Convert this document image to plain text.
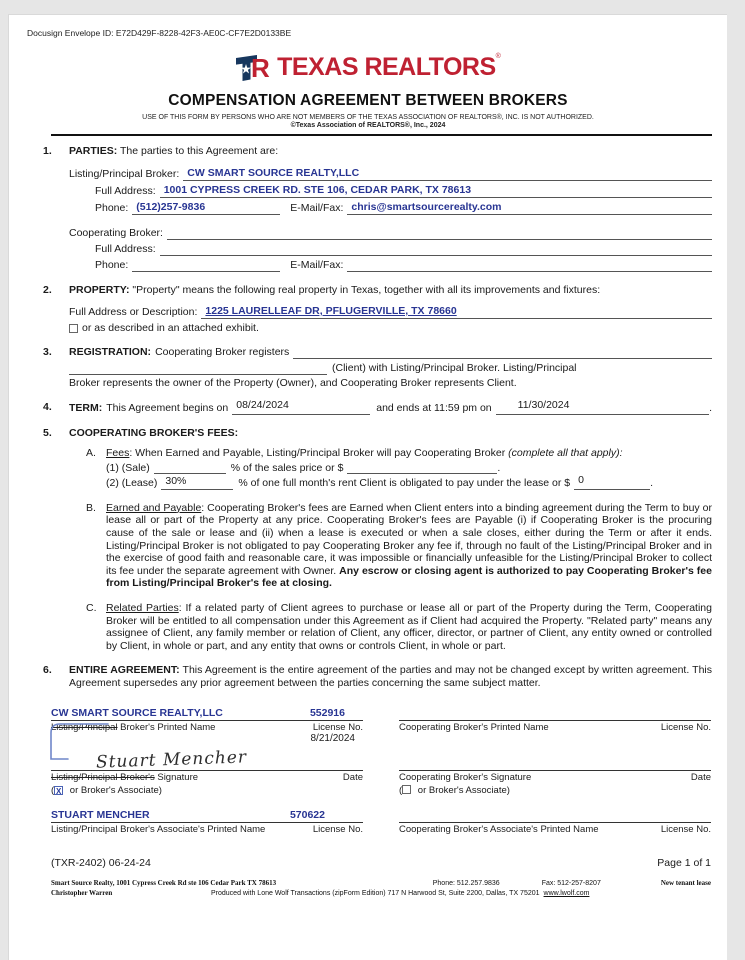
Docusign Envelope ID: E72D429F-8228-42F3-AE0C-CF7E2D0133BE
R TEXAS REALTORS®
COMPENSATION AGREEMENT BETWEEN BROKERS
USE OF THIS FORM BY PERSONS WHO ARE NOT MEMBERS OF THE TEXAS ASSOCIATION OF REALTORS®, INC. IS NOT AUTHORIZED.
©Texas Association of REALTORS®, Inc., 2024
1.	PARTIES: The parties to this Agreement are:
Listing/Principal Broker: CW SMART SOURCE REALTY,LLC
Full Address: 1001 CYPRESS CREEK RD. STE 106, CEDAR PARK, TX 78613
Phone: (512)257-9836	E-Mail/Fax: chris@smartsourcerealty.com
Cooperating Broker:
Full Address:
Phone:	E-Mail/Fax:
2.	PROPERTY: "Property" means the following real property in Texas, together with all its improvements and fixtures:
Full Address or Description: 1225 LAURELLEAF DR, PFLUGERVILLE, TX 78660
or as described in an attached exhibit.
3.	REGISTRATION: Cooperating Broker registers
(Client) with Listing/Principal Broker. Listing/Principal
Broker represents the owner of the Property (Owner), and Cooperating Broker represents Client.
4.	TERM: This Agreement begins on 08/24/2024	and ends at 11:59 pm on	11/30/2024	.
5.	COOPERATING BROKER'S FEES:
A. Fees: When Earned and Payable, Listing/Principal Broker will pay Cooperating Broker (complete all that apply):
(1) (Sale)	% of the sales price or $	.
(2) (Lease) 30%	% of one full month's rent Client is obligated to pay under the lease or $ 0	.
B. Earned and Payable: Cooperating Broker's fees are Earned when Client enters into a binding agreement during the Term to buy or lease all or part of the Property at any price. Cooperating Broker's fees are Payable (i) if Cooperating Broker is the procuring cause of the sale or lease and (ii) when a lease is executed or when a sale closes, either during the Term or after it ends. Listing/Principal Broker is not obligated to pay Cooperating Broker any fee if, through no fault of the Listing/Principal Broker and in the exercise of good faith and reasonable care, it was impossible or financially unfeasible for the Listing/Principal Broker to collect its fee under the separate agreement with Owner. Any escrow or closing agent is authorized to pay Cooperating Broker's fee from Listing/Principal Broker's fee at closing.
C. Related Parties: If a related party of Client agrees to purchase or lease all or part of the Property during the Term, Cooperating Broker will be entitled to all compensation under this Agreement as if Client had acquired the Property. "Related party" means any assignee of Client, any family member or relation of Client, any officer, director, or partner of Client, any entity owned or controlled by Client, in whole or part, and any entity that owns or controls Client, in whole or part.
6.	ENTIRE AGREEMENT: This Agreement is the entire agreement of the parties and may not be changed except by written agreement. This Agreement supersedes any prior agreement between the parties concerning the same subject matter.
CW SMART SOURCE REALTY,LLC	552916
Listing/Principal Broker's Printed Name	License No.
8/21/2024
Stuart Mencher
Listing/Principal Broker's Signature	Date
( X or Broker's Associate)
STUART MENCHER	570622
Listing/Principal Broker's Associate's Printed Name	License No.
Cooperating Broker's Printed Name	License No.
Cooperating Broker's Signature	Date
( or Broker's Associate)
Cooperating Broker's Associate's Printed Name	License No.
(TXR-2402) 06-24-24	Page 1 of 1
Smart Source Realty, 1001 Cypress Creek Rd ste 106 Cedar Park TX 78613	Phone: 512.257.9836	Fax: 512-257-8207	New tenant lease
Christopher Warren	Produced with Lone Wolf Transactions (zipForm Edition) 717 N Harwood St, Suite 2200, Dallas, TX 75201 www.lwolf.com
